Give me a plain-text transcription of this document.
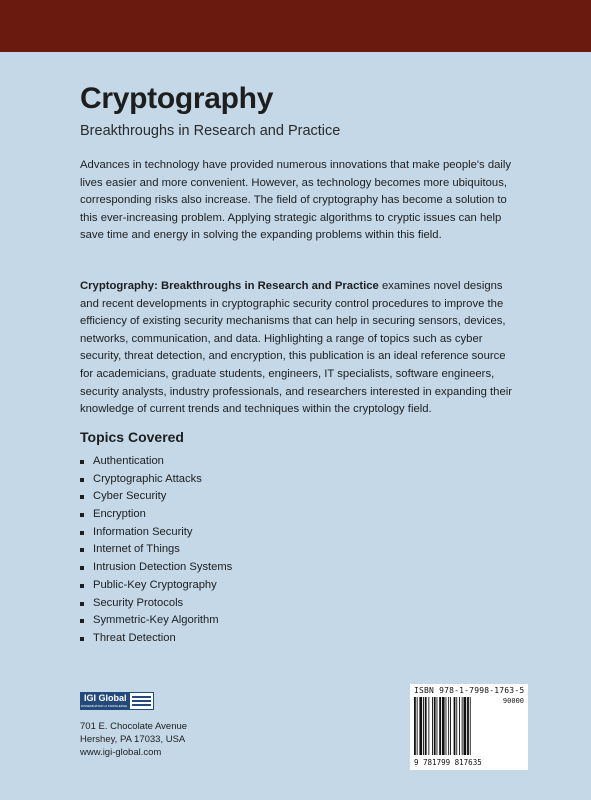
Cryptography
Breakthroughs in Research and Practice

Advances in technology have provided numerous innovations that make people's daily lives easier and more convenient. However, as technology becomes more ubiquitous, corresponding risks also increase. The field of cryptography has become a solution to this ever-increasing problem. Applying strategic algorithms to cryptic issues can help save time and energy in solving the expanding problems within this field.

Cryptography: Breakthroughs in Research and Practice examines novel designs and recent developments in cryptographic security control procedures to improve the efficiency of existing security mechanisms that can help in securing sensors, devices, networks, communication, and data. Highlighting a range of topics such as cyber security, threat detection, and encryption, this publication is an ideal reference source for academicians, graduate students, engineers, IT specialists, software engineers, security analysts, industry professionals, and researchers interested in expanding their knowledge of current trends and techniques within the cryptology field.

Topics Covered
Authentication
Cryptographic Attacks
Cyber Security
Encryption
Information Security
Internet of Things
Intrusion Detection Systems
Public-Key Cryptography
Security Protocols
Symmetric-Key Algorithm
Threat Detection
IGI Global
DISSEMINATOR of KNOWLEDGE
701 E. Chocolate Avenue
Hershey, PA 17033, USA
www.igi-global.com
ISBN 978-1-7998-1763-5
90000
9 781799 817635
